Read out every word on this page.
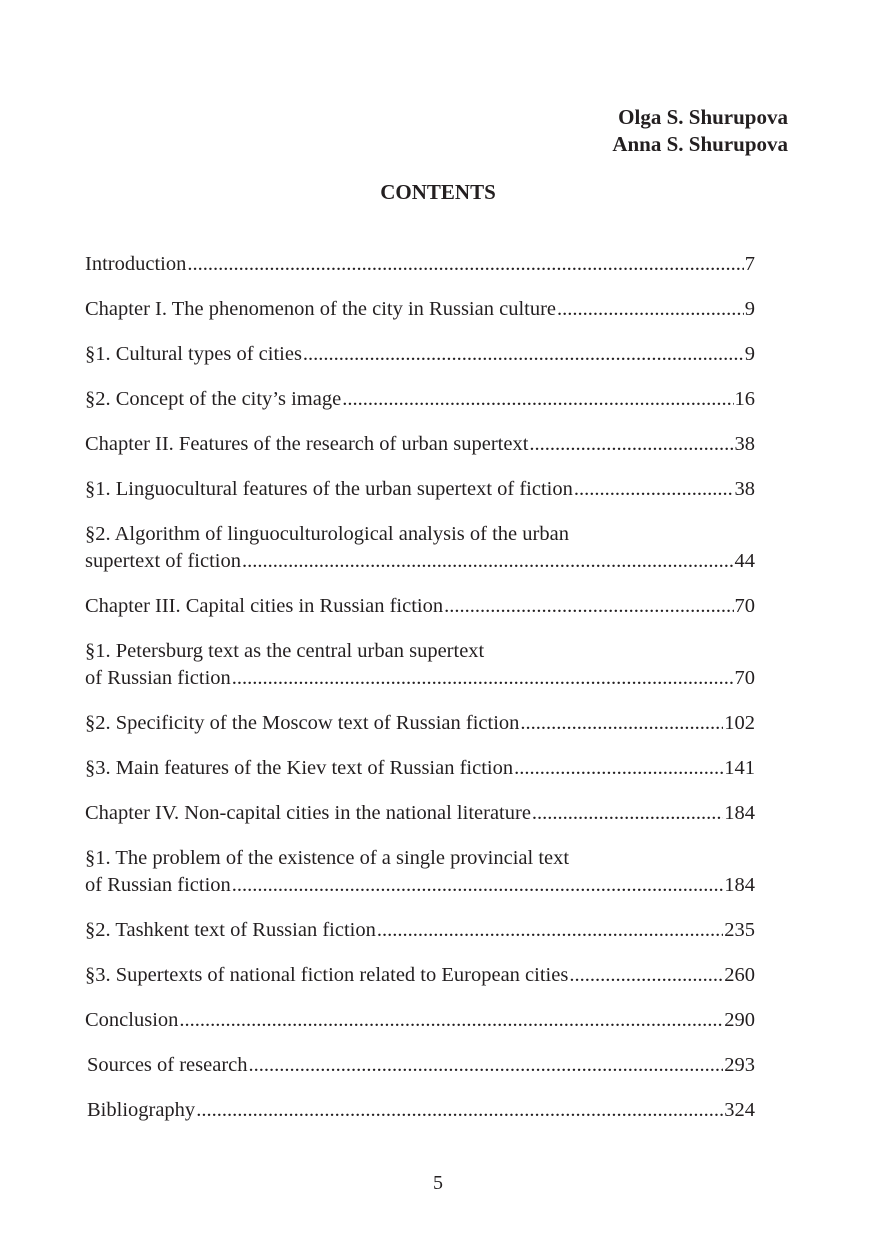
Olga S. Shurupova
Anna S. Shurupova
CONTENTS
Introduction .....	7
Chapter I. The phenomenon of the city in Russian culture .....	9
§1. Cultural types of cities .....	9
§2. Concept of the city’s image .....	16
Chapter II. Features of the research of urban supertext .....	38
§1. Linguocultural features of the urban supertext of fiction .....	38
§2. Algorithm of linguoculturological analysis of the urban
supertext of fiction .....	44
Chapter III. Capital cities in Russian fiction .....	70
§1. Petersburg text as the central urban supertext
of Russian fiction .....	70
§2. Specificity of the Moscow text of Russian fiction .....	102
§3. Main features of the Kiev text of Russian fiction .....	141
Chapter IV. Non-capital cities in the national literature .....	184
§1. The problem of the existence of a single provincial text
of Russian fiction .....	184
§2. Tashkent text of Russian fiction .....	235
§3. Supertexts of national fiction related to European cities .....	260
Conclusion .....	290
Sources of research .....	293
Bibliography .....	324
5
